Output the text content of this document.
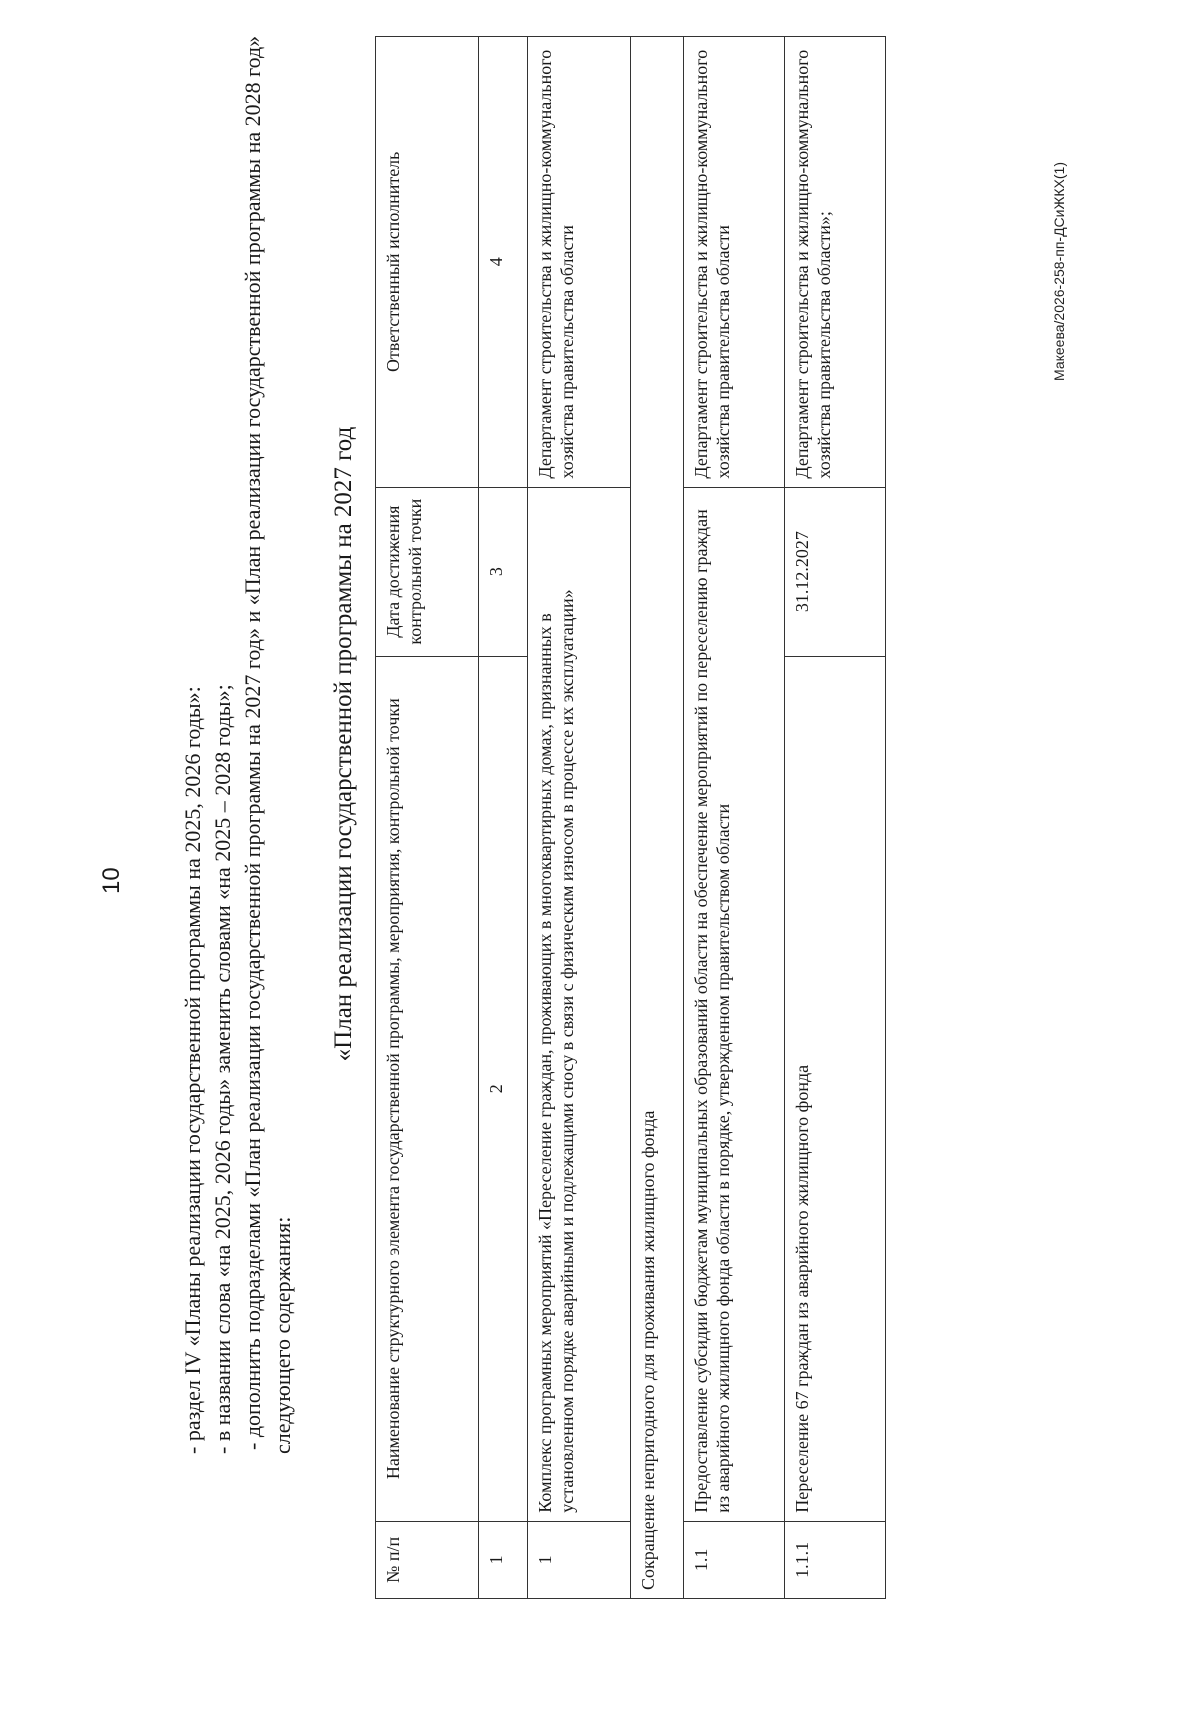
10	- раздел IV «Планы реализации государственной программы на 2025, 2026 годы»: - в названии слова «на 2025, 2026 годы» заменить словами «на 2025 – 2028 годы»; - дополнить подразделами «План реализации государственной программы на 2027 год» и «План реализации государственной программы на 2028 год» следующего содержания:

«План реализации государственной программы на 2027 год
№ п/п	Наименование структурного элемента государственной программы, мероприятия, контрольной точки	Дата достижения контрольной точки	Ответственный исполнитель
1	2	3	4
1	Комплекс програмных мероприятий «Переселение граждан, проживающих в многоквартирных домах, признанных в установленном порядке аварийными и подлежащими сносу в связи с физическим износом в процессе их эксплуатации»		Департамент строительства и жилищно-коммунального хозяйства правительства области
Сокращение непригодного для проживания жилищного фонда			
1.1	Предоставление субсидии бюджетам муниципальных образований области на обеспечение мероприятий по переселению граждан из аварийного жилищного фонда области в порядке, утвержденном правительством области		Департамент строительства и жилищно-коммунального хозяйства правительства области
1.1.1	Переселение 67 граждан из аварийного жилищного фонда	31.12.2027	Департамент строительства и жилищно-коммунального хозяйства правительства области»;	Макеева/2026-258-пп-ДСиЖКХ(1)
